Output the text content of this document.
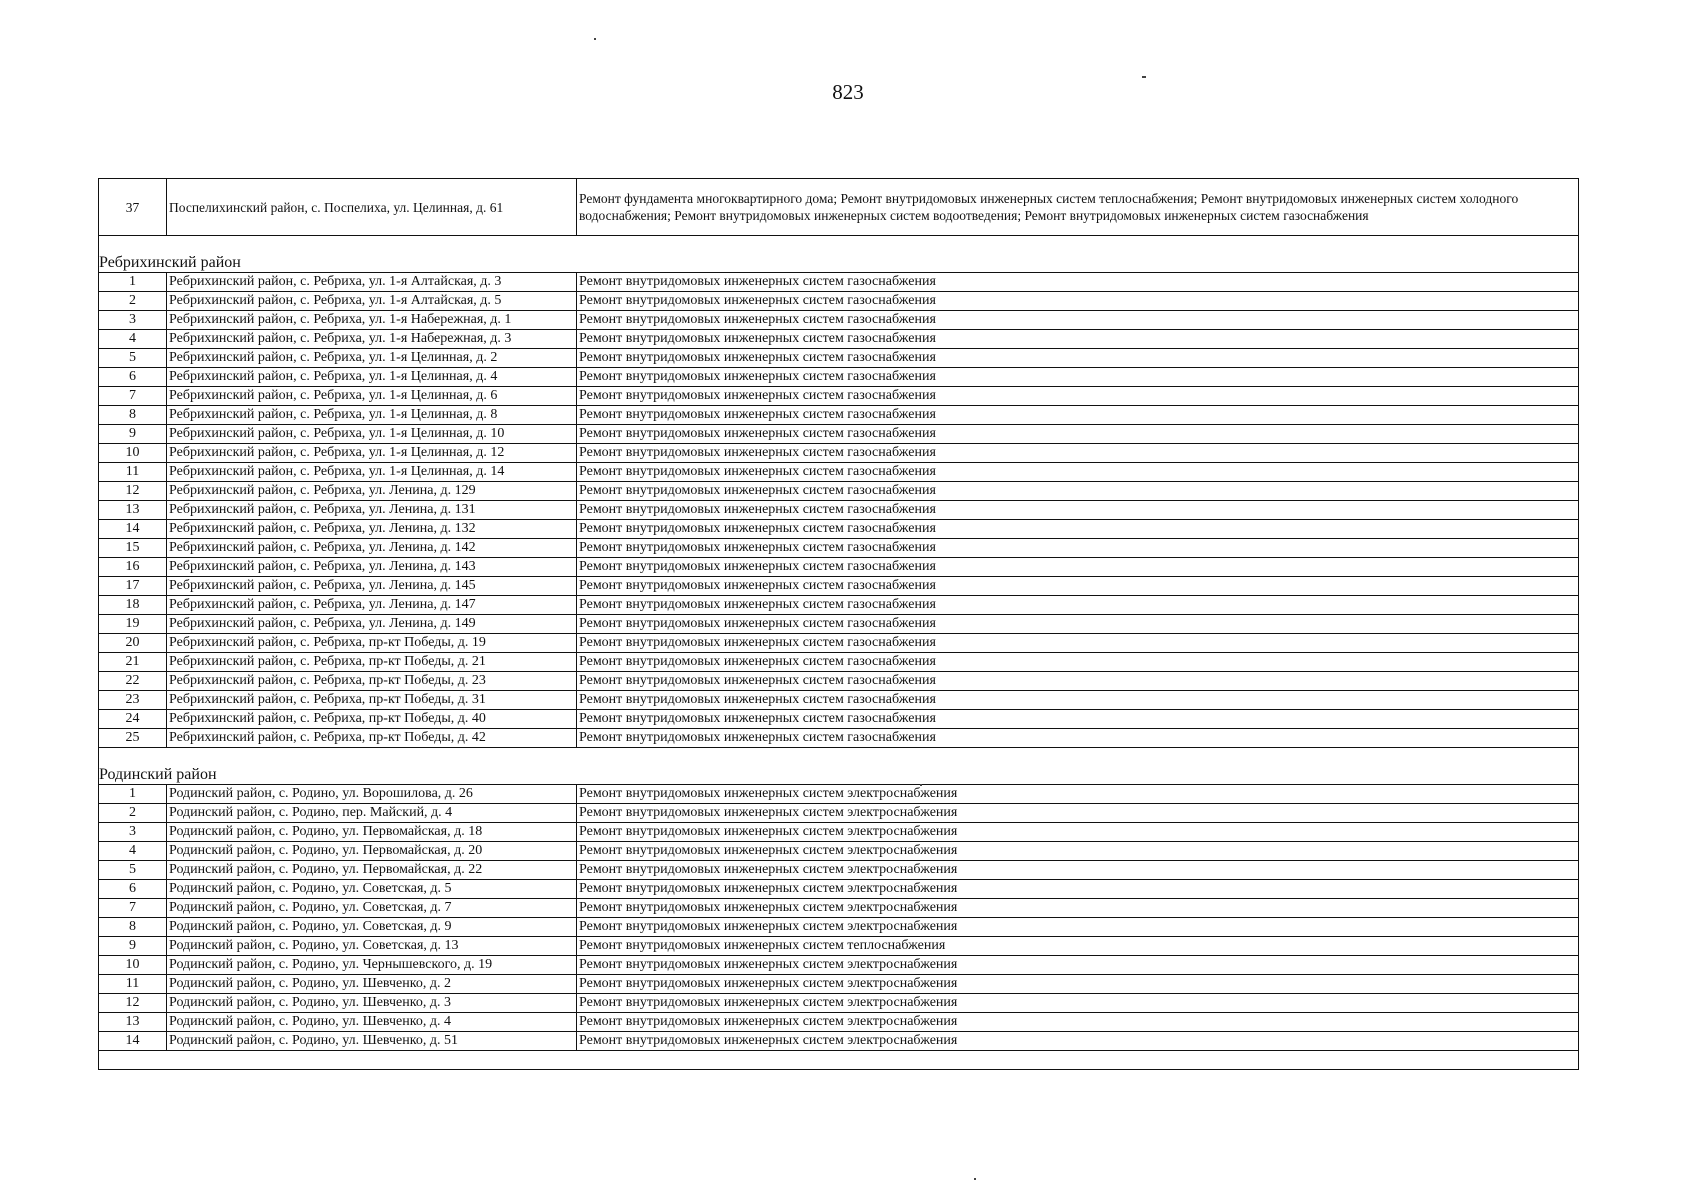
823
37	Поспелихинский район, с. Поспелиха, ул. Целинная, д. 61	Ремонт фундамента многоквартирного дома; Ремонт внутридомовых инженерных систем теплоснабжения; Ремонт внутридомовых инженерных систем холодного водоснабжения; Ремонт внутридомовых инженерных систем водоотведения; Ремонт внутридомовых инженерных систем газоснабжения

Ребрихинский район		
1	Ребрихинский район, с. Ребриха, ул. 1-я Алтайская, д. 3	Ремонт внутридомовых инженерных систем газоснабжения
2	Ребрихинский район, с. Ребриха, ул. 1-я Алтайская, д. 5	Ремонт внутридомовых инженерных систем газоснабжения
3	Ребрихинский район, с. Ребриха, ул. 1-я Набережная, д. 1	Ремонт внутридомовых инженерных систем газоснабжения
4	Ребрихинский район, с. Ребриха, ул. 1-я Набережная, д. 3	Ремонт внутридомовых инженерных систем газоснабжения
5	Ребрихинский район, с. Ребриха, ул. 1-я Целинная, д. 2	Ремонт внутридомовых инженерных систем газоснабжения
6	Ребрихинский район, с. Ребриха, ул. 1-я Целинная, д. 4	Ремонт внутридомовых инженерных систем газоснабжения
7	Ребрихинский район, с. Ребриха, ул. 1-я Целинная, д. 6	Ремонт внутридомовых инженерных систем газоснабжения
8	Ребрихинский район, с. Ребриха, ул. 1-я Целинная, д. 8	Ремонт внутридомовых инженерных систем газоснабжения
9	Ребрихинский район, с. Ребриха, ул. 1-я Целинная, д. 10	Ремонт внутридомовых инженерных систем газоснабжения
10	Ребрихинский район, с. Ребриха, ул. 1-я Целинная, д. 12	Ремонт внутридомовых инженерных систем газоснабжения
11	Ребрихинский район, с. Ребриха, ул. 1-я Целинная, д. 14	Ремонт внутридомовых инженерных систем газоснабжения
12	Ребрихинский район, с. Ребриха, ул. Ленина, д. 129	Ремонт внутридомовых инженерных систем газоснабжения
13	Ребрихинский район, с. Ребриха, ул. Ленина, д. 131	Ремонт внутридомовых инженерных систем газоснабжения
14	Ребрихинский район, с. Ребриха, ул. Ленина, д. 132	Ремонт внутридомовых инженерных систем газоснабжения
15	Ребрихинский район, с. Ребриха, ул. Ленина, д. 142	Ремонт внутридомовых инженерных систем газоснабжения
16	Ребрихинский район, с. Ребриха, ул. Ленина, д. 143	Ремонт внутридомовых инженерных систем газоснабжения
17	Ребрихинский район, с. Ребриха, ул. Ленина, д. 145	Ремонт внутридомовых инженерных систем газоснабжения
18	Ребрихинский район, с. Ребриха, ул. Ленина, д. 147	Ремонт внутридомовых инженерных систем газоснабжения
19	Ребрихинский район, с. Ребриха, ул. Ленина, д. 149	Ремонт внутридомовых инженерных систем газоснабжения
20	Ребрихинский район, с. Ребриха, пр-кт Победы, д. 19	Ремонт внутридомовых инженерных систем газоснабжения
21	Ребрихинский район, с. Ребриха, пр-кт Победы, д. 21	Ремонт внутридомовых инженерных систем газоснабжения
22	Ребрихинский район, с. Ребриха, пр-кт Победы, д. 23	Ремонт внутридомовых инженерных систем газоснабжения
23	Ребрихинский район, с. Ребриха, пр-кт Победы, д. 31	Ремонт внутридомовых инженерных систем газоснабжения
24	Ребрихинский район, с. Ребриха, пр-кт Победы, д. 40	Ремонт внутридомовых инженерных систем газоснабжения
25	Ребрихинский район, с. Ребриха, пр-кт Победы, д. 42	Ремонт внутридомовых инженерных систем газоснабжения

Родинский район		
1	Родинский район, с. Родино, ул. Ворошилова, д. 26	Ремонт внутридомовых инженерных систем электроснабжения
2	Родинский район, с. Родино, пер. Майский, д. 4	Ремонт внутридомовых инженерных систем электроснабжения
3	Родинский район, с. Родино, ул. Первомайская, д. 18	Ремонт внутридомовых инженерных систем электроснабжения
4	Родинский район, с. Родино, ул. Первомайская, д. 20	Ремонт внутридомовых инженерных систем электроснабжения
5	Родинский район, с. Родино, ул. Первомайская, д. 22	Ремонт внутридомовых инженерных систем электроснабжения
6	Родинский район, с. Родино, ул. Советская, д. 5	Ремонт внутридомовых инженерных систем электроснабжения
7	Родинский район, с. Родино, ул. Советская, д. 7	Ремонт внутридомовых инженерных систем электроснабжения
8	Родинский район, с. Родино, ул. Советская, д. 9	Ремонт внутридомовых инженерных систем электроснабжения
9	Родинский район, с. Родино, ул. Советская, д. 13	Ремонт внутридомовых инженерных систем теплоснабжения
10	Родинский район, с. Родино, ул. Чернышевского, д. 19	Ремонт внутридомовых инженерных систем электроснабжения
11	Родинский район, с. Родино, ул. Шевченко, д. 2	Ремонт внутридомовых инженерных систем электроснабжения
12	Родинский район, с. Родино, ул. Шевченко, д. 3	Ремонт внутридомовых инженерных систем электроснабжения
13	Родинский район, с. Родино, ул. Шевченко, д. 4	Ремонт внутридомовых инженерных систем электроснабжения
14	Родинский район, с. Родино, ул. Шевченко, д. 51	Ремонт внутридомовых инженерных систем электроснабжения
